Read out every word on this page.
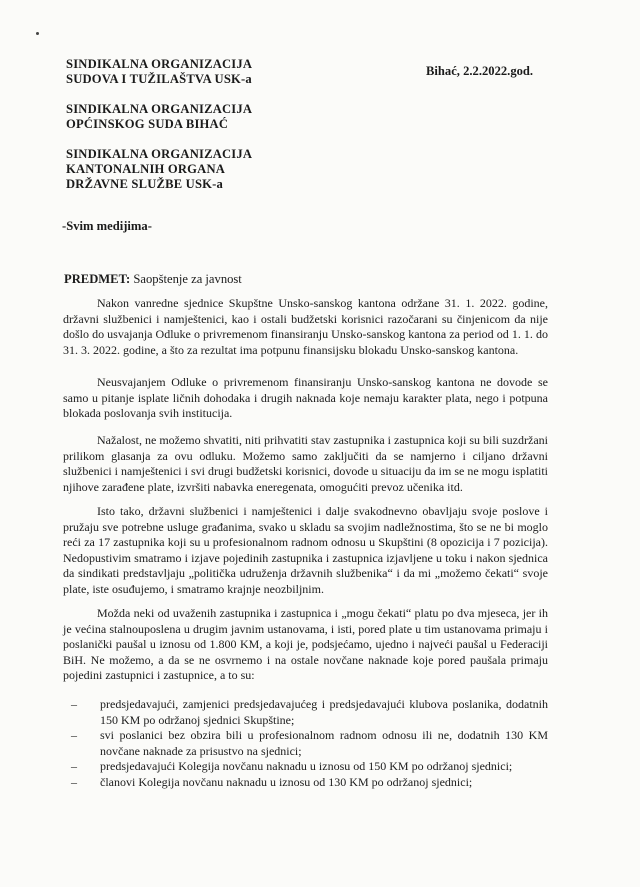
SINDIKALNA ORGANIZACIJA
SUDOVA I TUŽILAŠTVA USK-a
SINDIKALNA ORGANIZACIJA
OPĆINSKOG SUDA BIHAĆ
SINDIKALNA ORGANIZACIJA
KANTONALNIH ORGANA
DRŽAVNE SLUŽBE USK-a
Bihać, 2.2.2022.god.
-Svim medijima-
PREDMET: Saopštenje za javnost
Nakon vanredne sjednice Skupštne Unsko-sanskog kantona održane 31. 1. 2022. godine, državni službenici i namještenici, kao i ostali budžetski korisnici razočarani su činjenicom da nije došlo do usvajanja Odluke o privremenom finansiranju Unsko-sanskog kantona za period od 1. 1. do 31. 3. 2022. godine, a što za rezultat ima potpunu finansijsku blokadu Unsko-sanskog kantona.
Neusvajanjem Odluke o privremenom finansiranju Unsko-sanskog kantona ne dovode se samo u pitanje isplate ličnih dohodaka i drugih naknada koje nemaju karakter plata, nego i potpuna blokada poslovanja svih institucija.
Nažalost, ne možemo shvatiti, niti prihvatiti stav zastupnika i zastupnica koji su bili suzdržani prilikom glasanja za ovu odluku. Možemo samo zaključiti da se namjerno i ciljano državni službenici i namještenici i svi drugi budžetski korisnici, dovode u situaciju da im se ne mogu isplatiti njihove zarađene plate, izvršiti nabavka eneregenata, omogućiti prevoz učenika itd.
Isto tako, državni službenici i namještenici i dalje svakodnevno obavljaju svoje poslove i pružaju sve potrebne usluge građanima, svako u skladu sa svojim nadležnostima, što se ne bi moglo reći za 17 zastupnika koji su u profesionalnom radnom odnosu u Skupštini (8 opozicija i 7 pozicija). Nedopustivim smatramo i izjave pojedinih zastupnika i zastupnica izjavljene u toku i nakon sjednica da sindikati predstavljaju „politička udruženja državnih službenika“ i da mi „možemo čekati“ svoje plate, iste osuđujemo, i smatramo krajnje neozbiljnim.
Možda neki od uvaženih zastupnika i zastupnica i „mogu čekati“ platu po dva mjeseca, jer ih je većina stalnouposlena u drugim javnim ustanovama, i isti, pored plate u tim ustanovama primaju i poslanički paušal u iznosu od 1.800 KM, a koji je, podsjećamo, ujedno i najveći paušal u Federaciji BiH. Ne možemo, a da se ne osvrnemo i na ostale novčane naknade koje pored paušala primaju pojedini zastupnici i zastupnice, a to su:
– predsjedavajući, zamjenici predsjedavajućeg i predsjedavajući klubova poslanika, dodatnih 150 KM po održanoj sjednici Skupštine;
– svi poslanici bez obzira bili u profesionalnom radnom odnosu ili ne, dodatnih 130 KM novčane naknade za prisustvo na sjednici;
– predsjedavajući Kolegija novčanu naknadu u iznosu od 150 KM po održanoj sjednici;
– članovi Kolegija novčanu naknadu u iznosu od 130 KM po održanoj sjednici;
